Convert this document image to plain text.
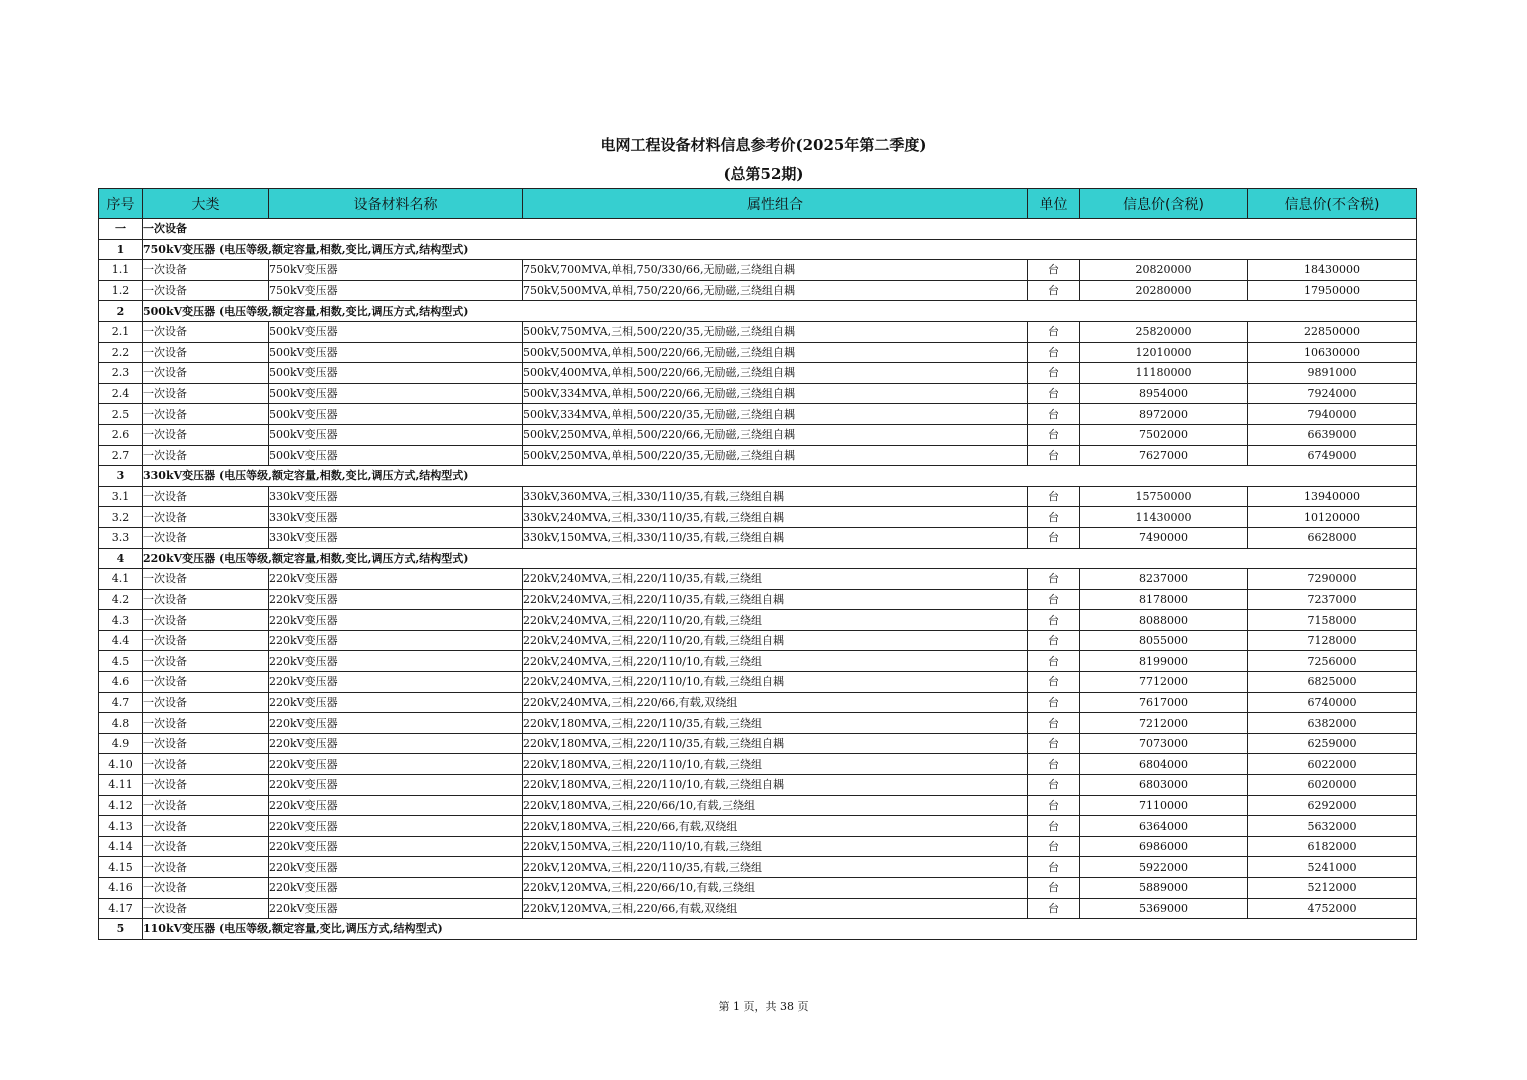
电网工程设备材料信息参考价(2025年第二季度)
(总第52期)
序号	大类	设备材料名称	属性组合	单位	信息价(含税)	信息价(不含税)
一	一次设备					
1	750kV变压器 (电压等级,额定容量,相数,变比,调压方式,结构型式)					
1.1	一次设备	750kV变压器	750kV,700MVA,单相,750/330/66,无励磁,三绕组自耦	台	20820000	18430000
1.2	一次设备	750kV变压器	750kV,500MVA,单相,750/220/66,无励磁,三绕组自耦	台	20280000	17950000
2	500kV变压器 (电压等级,额定容量,相数,变比,调压方式,结构型式)					
2.1	一次设备	500kV变压器	500kV,750MVA,三相,500/220/35,无励磁,三绕组自耦	台	25820000	22850000
2.2	一次设备	500kV变压器	500kV,500MVA,单相,500/220/66,无励磁,三绕组自耦	台	12010000	10630000
2.3	一次设备	500kV变压器	500kV,400MVA,单相,500/220/66,无励磁,三绕组自耦	台	11180000	9891000
2.4	一次设备	500kV变压器	500kV,334MVA,单相,500/220/66,无励磁,三绕组自耦	台	8954000	7924000
2.5	一次设备	500kV变压器	500kV,334MVA,单相,500/220/35,无励磁,三绕组自耦	台	8972000	7940000
2.6	一次设备	500kV变压器	500kV,250MVA,单相,500/220/66,无励磁,三绕组自耦	台	7502000	6639000
2.7	一次设备	500kV变压器	500kV,250MVA,单相,500/220/35,无励磁,三绕组自耦	台	7627000	6749000
3	330kV变压器 (电压等级,额定容量,相数,变比,调压方式,结构型式)					
3.1	一次设备	330kV变压器	330kV,360MVA,三相,330/110/35,有载,三绕组自耦	台	15750000	13940000
3.2	一次设备	330kV变压器	330kV,240MVA,三相,330/110/35,有载,三绕组自耦	台	11430000	10120000
3.3	一次设备	330kV变压器	330kV,150MVA,三相,330/110/35,有载,三绕组自耦	台	7490000	6628000
4	220kV变压器 (电压等级,额定容量,相数,变比,调压方式,结构型式)					
4.1	一次设备	220kV变压器	220kV,240MVA,三相,220/110/35,有载,三绕组	台	8237000	7290000
4.2	一次设备	220kV变压器	220kV,240MVA,三相,220/110/35,有载,三绕组自耦	台	8178000	7237000
4.3	一次设备	220kV变压器	220kV,240MVA,三相,220/110/20,有载,三绕组	台	8088000	7158000
4.4	一次设备	220kV变压器	220kV,240MVA,三相,220/110/20,有载,三绕组自耦	台	8055000	7128000
4.5	一次设备	220kV变压器	220kV,240MVA,三相,220/110/10,有载,三绕组	台	8199000	7256000
4.6	一次设备	220kV变压器	220kV,240MVA,三相,220/110/10,有载,三绕组自耦	台	7712000	6825000
4.7	一次设备	220kV变压器	220kV,240MVA,三相,220/66,有载,双绕组	台	7617000	6740000
4.8	一次设备	220kV变压器	220kV,180MVA,三相,220/110/35,有载,三绕组	台	7212000	6382000
4.9	一次设备	220kV变压器	220kV,180MVA,三相,220/110/35,有载,三绕组自耦	台	7073000	6259000
4.10	一次设备	220kV变压器	220kV,180MVA,三相,220/110/10,有载,三绕组	台	6804000	6022000
4.11	一次设备	220kV变压器	220kV,180MVA,三相,220/110/10,有载,三绕组自耦	台	6803000	6020000
4.12	一次设备	220kV变压器	220kV,180MVA,三相,220/66/10,有载,三绕组	台	7110000	6292000
4.13	一次设备	220kV变压器	220kV,180MVA,三相,220/66,有载,双绕组	台	6364000	5632000
4.14	一次设备	220kV变压器	220kV,150MVA,三相,220/110/10,有载,三绕组	台	6986000	6182000
4.15	一次设备	220kV变压器	220kV,120MVA,三相,220/110/35,有载,三绕组	台	5922000	5241000
4.16	一次设备	220kV变压器	220kV,120MVA,三相,220/66/10,有载,三绕组	台	5889000	5212000
4.17	一次设备	220kV变压器	220kV,120MVA,三相,220/66,有载,双绕组	台	5369000	4752000
5	110kV变压器 (电压等级,额定容量,变比,调压方式,结构型式)					
第 1 页，共 38 页
